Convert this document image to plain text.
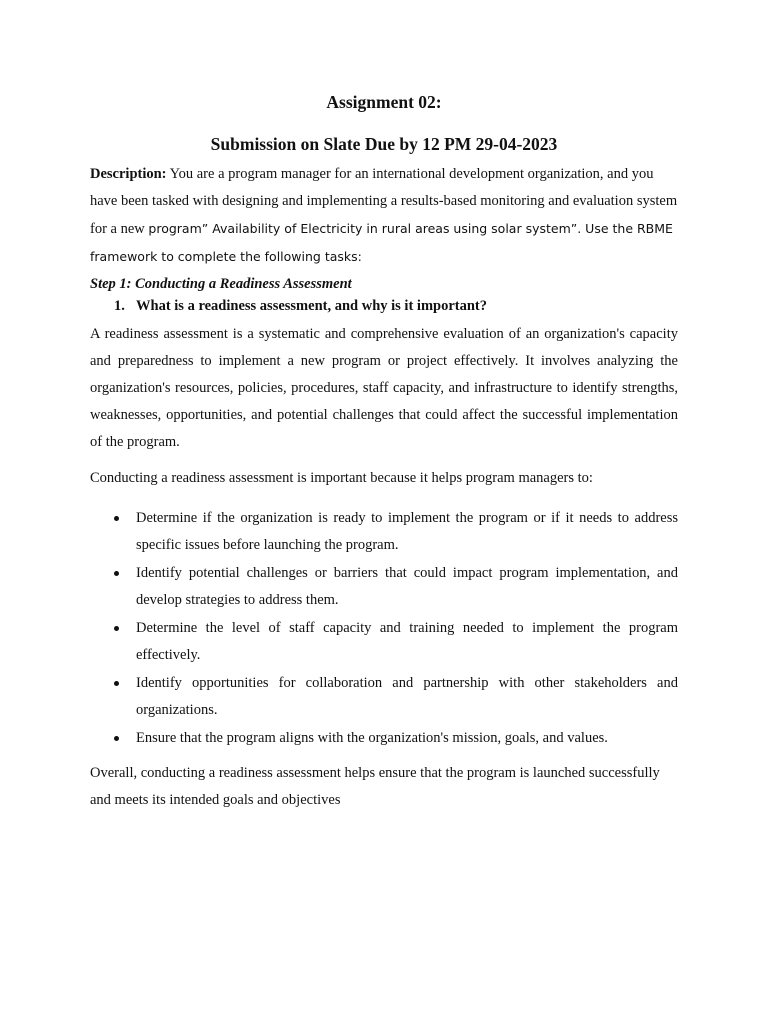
Assignment 02:
Submission on Slate Due by 12 PM 29-04-2023
Description: You are a program manager for an international development organization, and you have been tasked with designing and implementing a results-based monitoring and evaluation system for a new program” Availability of Electricity in rural areas using solar system”. Use the RBME framework to complete the following tasks:
Step 1: Conducting a Readiness Assessment
1. What is a readiness assessment, and why is it important?
A readiness assessment is a systematic and comprehensive evaluation of an organization's capacity and preparedness to implement a new program or project effectively. It involves analyzing the organization's resources, policies, procedures, staff capacity, and infrastructure to identify strengths, weaknesses, opportunities, and potential challenges that could affect the successful implementation of the program.
Conducting a readiness assessment is important because it helps program managers to:
Determine if the organization is ready to implement the program or if it needs to address specific issues before launching the program.
Identify potential challenges or barriers that could impact program implementation, and develop strategies to address them.
Determine the level of staff capacity and training needed to implement the program effectively.
Identify opportunities for collaboration and partnership with other stakeholders and organizations.
Ensure that the program aligns with the organization's mission, goals, and values.
Overall, conducting a readiness assessment helps ensure that the program is launched successfully and meets its intended goals and objectives
